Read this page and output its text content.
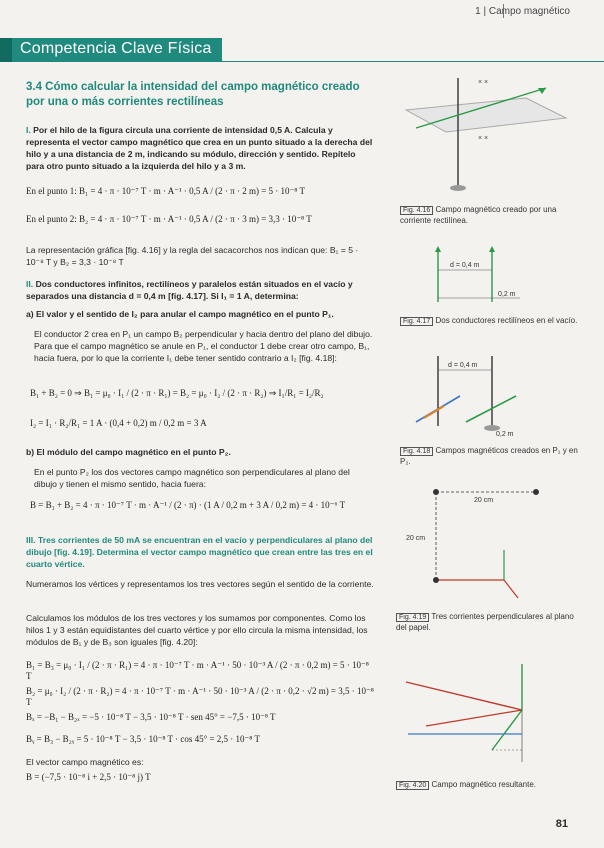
1 | Campo magnético
Competencia Clave Física
3.4 Cómo calcular la intensidad del campo magnético creado por una o más corrientes rectilíneas
I. Por el hilo de la figura circula una corriente de intensidad 0,5 A. Calcula y representa el vector campo magnético que crea en un punto situado a la derecha del hilo y a una distancia de 2 m, indicando su módulo, dirección y sentido. Repítelo para otro punto situado a la izquierda del hilo y a 3 m.
En el punto 1: B₁ = 4 · π · 10⁻⁷ T · m · A⁻¹ · 0,5 A / (2 · π · 2 m) = 5 · 10⁻⁸ T
En el punto 2: B₂ = 4 · π · 10⁻⁷ T · m · A⁻¹ · 0,5 A / (2 · π · 3 m) = 3,3 · 10⁻⁸ T
La representación gráfica [fig. 4.16] y la regla del sacacorchos nos indican que: B₁ = 5 · 10⁻⁸ T y B₂ = 3,3 · 10⁻⁸ T
II. Dos conductores infinitos, rectilíneos y paralelos están situados en el vacío y separados una distancia d = 0,4 m [fig. 4.17]. Si I₁ = 1 A, determina:
a) El valor y el sentido de I₂ para anular el campo magnético en el punto P₁.
El conductor 2 crea en P₁ un campo B₂ perpendicular y hacia dentro del plano del dibujo. Para que el campo magnético se anule en P₁, el conductor 1 debe crear otro campo, B₁, hacia fuera, por lo que la corriente I₁ debe tener sentido contrario a I₂ [fig. 4.18]:
B₁ + B₂ = 0 ⇒ B₁ = μ₀ · I₁ / (2 · π · R₁) = B₂ = μ₀ · I₂ / (2 · π · R₂) ⇒ I₁/R₁ = I₂/R₂
I₂ = I₁ · R₂/R₁ = 1 A · (0,4 + 0,2) m / 0,2 m = 3 A
b) El módulo del campo magnético en el punto P₂.
En el punto P₂ los dos vectores campo magnético son perpendiculares al plano del dibujo y tienen el mismo sentido, hacia fuera:
B = B₁ + B₂ = 4 · π · 10⁻⁷ T · m · A⁻¹ / (2 · π) · (1 A / 0,2 m + 3 A / 0,2 m) = 4 · 10⁻⁶ T
III. Tres corrientes de 50 mA se encuentran en el vacío y perpendiculares al plano del dibujo [fig. 4.19]. Determina el vector campo magnético que crean entre las tres en el cuarto vértice.
Numeramos los vértices y representamos los tres vectores según el sentido de la corriente.
Calculamos los módulos de los tres vectores y los sumamos por componentes. Como los hilos 1 y 3 están equidistantes del cuarto vértice y por ello circula la misma intensidad, los módulos de B₁ y de B₃ son iguales [fig. 4.20]:
B₁ = B₃ = μ₀ · I₁ / (2 · π · R₁) = 4 · π · 10⁻⁷ T · m · A⁻¹ · 50 · 10⁻³ A / (2 · π · 0,2 m) = 5 · 10⁻⁸ T
B₂ = μ₀ · I₂ / (2 · π · R₂) = 4 · π · 10⁻⁷ T · m · A⁻¹ · 50 · 10⁻³ A / (2 · π · 0,2 · √2 m) = 3,5 · 10⁻⁸ T
Bₓ = −B₁ − B₂ₓ = −5 · 10⁻⁸ T − 3,5 · 10⁻⁸ T · sen 45° = −7,5 · 10⁻⁸ T
Bᵧ = B₃ − B₂ᵧ = 5 · 10⁻⁸ T − 3,5 · 10⁻⁸ T · cos 45° = 2,5 · 10⁻⁸ T
El vector campo magnético es:
B = (−7,5 · 10⁻⁸ i + 2,5 · 10⁻⁸ j) T
× ×
× ×
Fig. 4.16 Campo magnético creado por una corriente rectilínea.
d = 0,4 m
0,2 m
Fig. 4.17 Dos conductores rectilíneos en el vacío.
d = 0,4 m
0,2 m
Fig. 4.18 Campos magnéticos creados en P₁ y en P₂.
20 cm
20 cm
Fig. 4.19 Tres corrientes perpendiculares al plano del papel.
Fig. 4.20 Campo magnético resultante.
81
